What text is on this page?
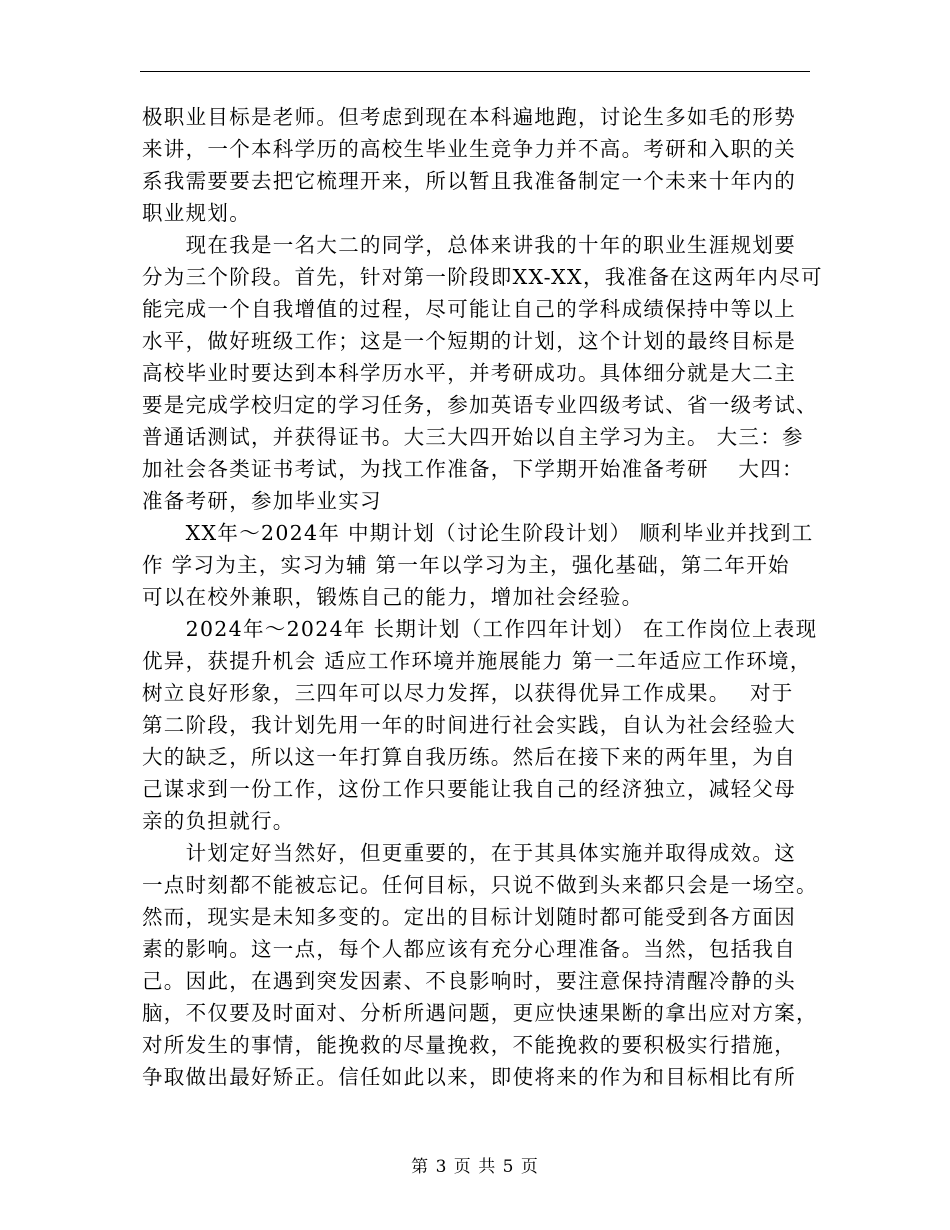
极职业目标是老师。但考虑到现在本科遍地跑，讨论生多如毛的形势
来讲，一个本科学历的高校生毕业生竞争力并不高。考研和入职的关
系我需要要去把它梳理开来，所以暂且我准备制定一个未来十年内的
职业规划。
　　现在我是一名大二的同学，总体来讲我的十年的职业生涯规划要
分为三个阶段。首先，针对第一阶段即XX-XX，我准备在这两年内尽可
能完成一个自我增值的过程，尽可能让自己的学科成绩保持中等以上
水平，做好班级工作；这是一个短期的计划，这个计划的最终目标是
高校毕业时要达到本科学历水平，并考研成功。具体细分就是大二主
要是完成学校归定的学习任务，参加英语专业四级考试、省一级考试、
普通话测试，并获得证书。大三大四开始以自主学习为主。 大三：参
加社会各类证书考试，为找工作准备，下学期开始准备考研　 大四：
准备考研，参加毕业实习
　　XX年～2024年 中期计划（讨论生阶段计划） 顺利毕业并找到工
作 学习为主，实习为辅 第一年以学习为主，强化基础，第二年开始
可以在校外兼职，锻炼自己的能力，增加社会经验。
　　2024年～2024年 长期计划（工作四年计划） 在工作岗位上表现
优异，获提升机会 适应工作环境并施展能力 第一二年适应工作环境，
树立良好形象，三四年可以尽力发挥，以获得优异工作成果。　 对于
第二阶段，我计划先用一年的时间进行社会实践，自认为社会经验大
大的缺乏，所以这一年打算自我历练。然后在接下来的两年里，为自
己谋求到一份工作，这份工作只要能让我自己的经济独立，减轻父母
亲的负担就行。
　　计划定好当然好，但更重要的，在于其具体实施并取得成效。这
一点时刻都不能被忘记。任何目标，只说不做到头来都只会是一场空。
然而，现实是未知多变的。定出的目标计划随时都可能受到各方面因
素的影响。这一点，每个人都应该有充分心理准备。当然，包括我自
己。因此，在遇到突发因素、不良影响时，要注意保持清醒冷静的头
脑，不仅要及时面对、分析所遇问题，更应快速果断的拿出应对方案，
对所发生的事情，能挽救的尽量挽救，不能挽救的要积极实行措施，
争取做出最好矫正。信任如此以来，即使将来的作为和目标相比有所
第 3 页 共 5 页
